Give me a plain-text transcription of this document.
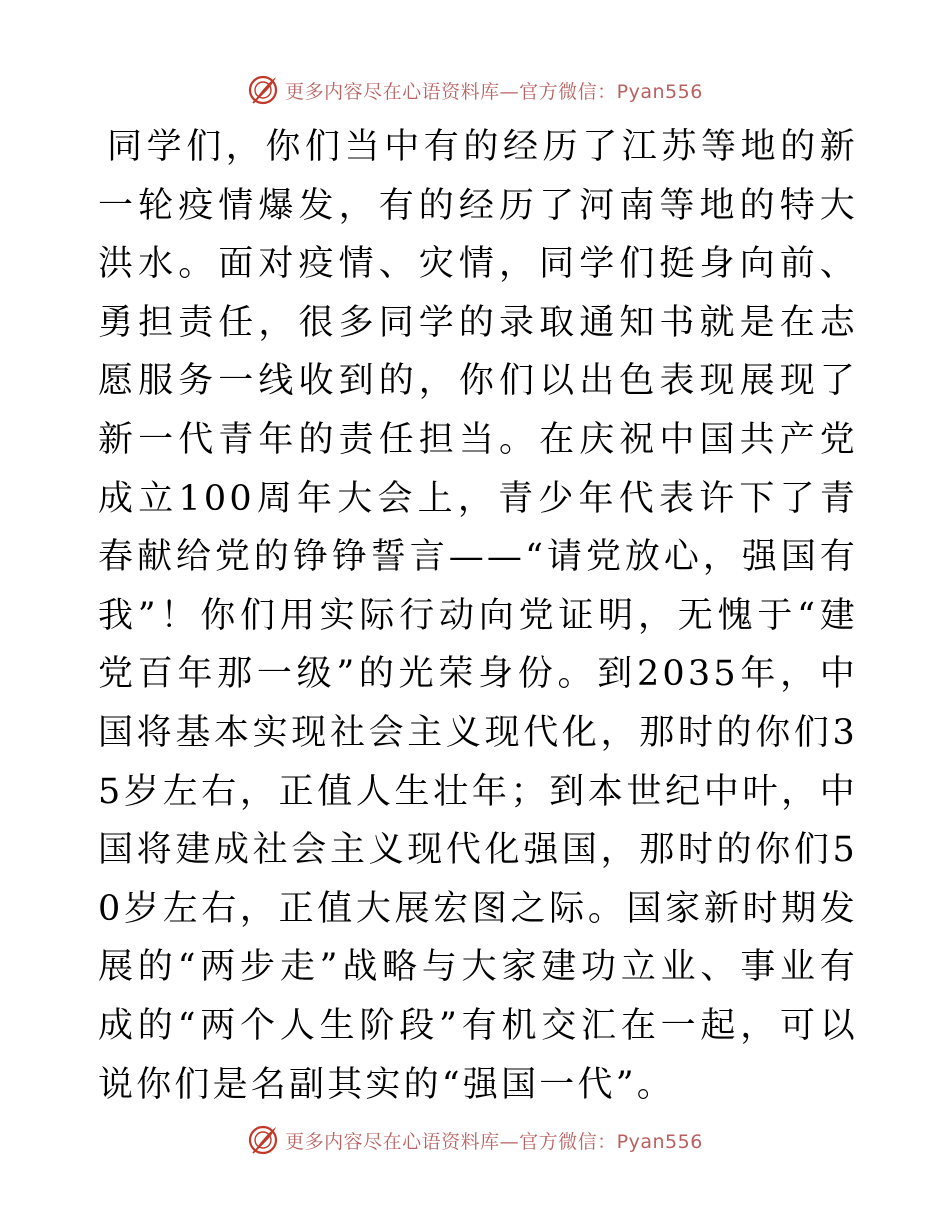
更多内容尽在心语资料库—官方微信：Pyan556

同学们，你们当中有的经历了江苏等地的新一轮疫情爆发，有的经历了河南等地的特大洪水。面对疫情、灾情，同学们挺身向前、勇担责任，很多同学的录取通知书就是在志愿服务一线收到的，你们以出色表现展现了新一代青年的责任担当。在庆祝中国共产党成立100周年大会上，青少年代表许下了青春献给党的铮铮誓言——“请党放心，强国有我”！你们用实际行动向党证明，无愧于“建党百年那一级”的光荣身份。到2035年，中国将基本实现社会主义现代化，那时的你们35岁左右，正值人生壮年；到本世纪中叶，中国将建成社会主义现代化强国，那时的你们50岁左右，正值大展宏图之际。国家新时期发展的“两步走”战略与大家建功立业、事业有成的“两个人生阶段”有机交汇在一起，可以说你们是名副其实的“强国一代”。

更多内容尽在心语资料库—官方微信：Pyan556
